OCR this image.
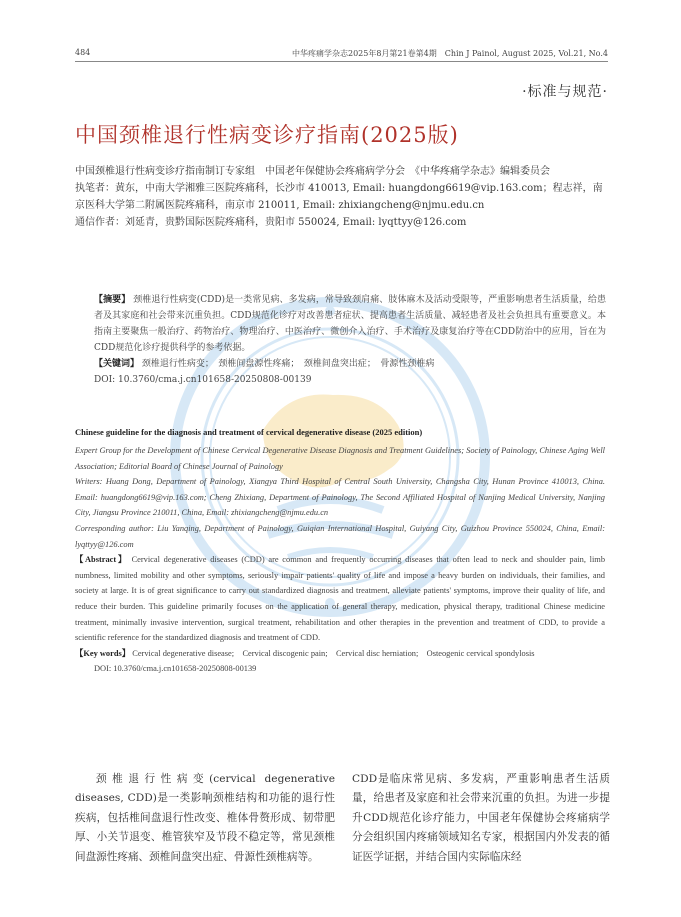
484	中华疼痛学杂志2025年8月第21卷第4期　Chin J Painol, August 2025, Vol.21, No.4
·标准与规范·
中国颈椎退行性病变诊疗指南(2025版)

中国颈椎退行性病变诊疗指南制订专家组　中国老年保健协会疼痛病学分会　《中华疼痛学杂志》编辑委员会

执笔者：黄东，中南大学湘雅三医院疼痛科，长沙市 410013, Email: huangdong6619@vip.163.com；程志祥，南京医科大学第二附属医院疼痛科，南京市 210011, Email: zhixiangcheng@njmu.edu.cn

通信作者：刘延青，贵黔国际医院疼痛科，贵阳市 550024, Email: lyqttyy@126.com

【摘要】 颈椎退行性病变(CDD)是一类常见病、多发病，常导致颈肩痛、肢体麻木及活动受限等，严重影响患者生活质量，给患者及其家庭和社会带来沉重负担。CDD规范化诊疗对改善患者症状、提高患者生活质量、减轻患者及社会负担具有重要意义。本指南主要聚焦一般治疗、药物治疗、物理治疗、中医治疗、微创介入治疗、手术治疗及康复治疗等在CDD防治中的应用，旨在为CDD规范化诊疗提供科学的参考依据。

【关键词】 颈椎退行性病变；　颈椎间盘源性疼痛；　颈椎间盘突出症；　骨源性颈椎病

DOI: 10.3760/cma.j.cn101658-20250808-00139

Chinese guideline for the diagnosis and treatment of cervical degenerative disease (2025 edition)

Expert Group for the Development of Chinese Cervical Degenerative Disease Diagnosis and Treatment Guidelines; Society of Painology, Chinese Aging Well Association; Editorial Board of Chinese Journal of Painology

Writers: Huang Dong, Department of Painology, Xiangya Third Hospital of Central South University, Changsha City, Hunan Province 410013, China. Email: huangdong6619@vip.163.com; Cheng Zhixiang, Department of Painology, The Second Affiliated Hospital of Nanjing Medical University, Nanjing City, Jiangsu Province 210011, China, Email: zhixiangcheng@njmu.edu.cn

Corresponding author: Liu Yanqing, Department of Painology, Guiqian International Hospital, Guiyang City, Guizhou Province 550024, China, Email: lyqttyy@126.com

【Abstract】 Cervical degenerative diseases (CDD) are common and frequently occurring diseases that often lead to neck and shoulder pain, limb numbness, limited mobility and other symptoms, seriously impair patients' quality of life and impose a heavy burden on individuals, their families, and society at large. It is of great significance to carry out standardized diagnosis and treatment, alleviate patients' symptoms, improve their quality of life, and reduce their burden. This guideline primarily focuses on the application of general therapy, medication, physical therapy, traditional Chinese medicine treatment, minimally invasive intervention, surgical treatment, rehabilitation and other therapies in the prevention and treatment of CDD, to provide a scientific reference for the standardized diagnosis and treatment of CDD.

【Key words】 Cervical degenerative disease;　Cervical discogenic pain;　Cervical disc herniation;　Osteogenic cervical spondylosis

DOI: 10.3760/cma.j.cn101658-20250808-00139

颈椎退行性病变(cervical degenerative diseases, CDD)是一类影响颈椎结构和功能的退行性疾病，包括椎间盘退行性改变、椎体骨赘形成、韧带肥厚、小关节退变、椎管狭窄及节段不稳定等，常见颈椎间盘源性疼痛、颈椎间盘突出症、骨源性颈椎病等。
CDD是临床常见病、多发病，严重影响患者生活质量，给患者及家庭和社会带来沉重的负担。为进一步提升CDD规范化诊疗能力，中国老年保健协会疼痛病学分会组织国内疼痛领域知名专家，根据国内外发表的循证医学证据，并结合国内实际临床经
